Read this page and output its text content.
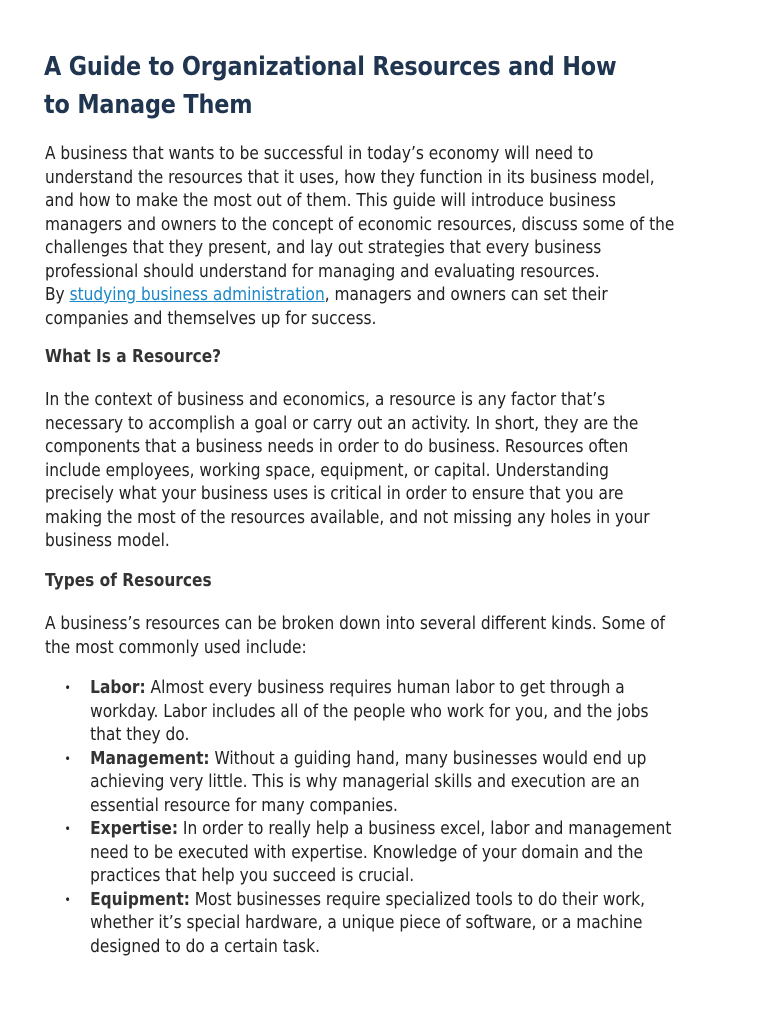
A Guide to Organizational Resources and How to Manage Them
A business that wants to be successful in today’s economy will need to
understand the resources that it uses, how they function in its business model,
and how to make the most out of them. This guide will introduce business
managers and owners to the concept of economic resources, discuss some of the
challenges that they present, and lay out strategies that every business
professional should understand for managing and evaluating resources.
By studying business administration, managers and owners can set their
companies and themselves up for success.
What Is a Resource?
In the context of business and economics, a resource is any factor that’s
necessary to accomplish a goal or carry out an activity. In short, they are the
components that a business needs in order to do business. Resources often
include employees, working space, equipment, or capital. Understanding
precisely what your business uses is critical in order to ensure that you are
making the most of the resources available, and not missing any holes in your
business model.
Types of Resources
A business’s resources can be broken down into several different kinds. Some of
the most commonly used include:
• Labor: Almost every business requires human labor to get through a
workday. Labor includes all of the people who work for you, and the jobs
that they do.
• Management: Without a guiding hand, many businesses would end up
achieving very little. This is why managerial skills and execution are an
essential resource for many companies.
• Expertise: In order to really help a business excel, labor and management
need to be executed with expertise. Knowledge of your domain and the
practices that help you succeed is crucial.
• Equipment: Most businesses require specialized tools to do their work,
whether it’s special hardware, a unique piece of software, or a machine
designed to do a certain task.
